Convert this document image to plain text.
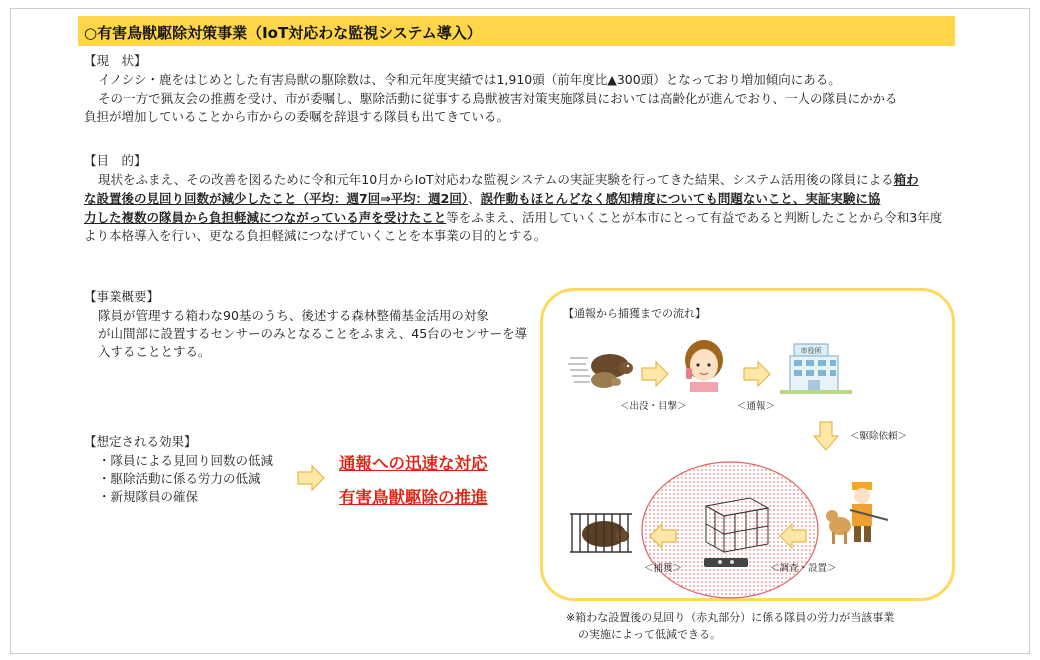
○有害鳥獣駆除対策事業（IoT対応わな監視システム導入）
【現　状】
イノシシ・鹿をはじめとした有害鳥獣の駆除数は、令和元年度実績では1,910頭（前年度比▲300頭）となっており増加傾向にある。
その一方で猟友会の推薦を受け、市が委嘱し、駆除活動に従事する鳥獣被害対策実施隊員においては高齢化が進んでおり、一人の隊員にかかる
負担が増加していることから市からの委嘱を辞退する隊員も出てきている。
【目　的】
現状をふまえ、その改善を図るために令和元年10月からIoT対応わな監視システムの実証実験を行ってきた結果、システム活用後の隊員による箱わ
な設置後の見回り回数が減少したこと（平均：週7回⇒平均：週2回）、誤作動もほとんどなく感知精度についても問題ないこと、実証実験に協
力した複数の隊員から負担軽減につながっている声を受けたこと等をふまえ、活用していくことが本市にとって有益であると判断したことから令和3年度
より本格導入を行い、更なる負担軽減につなげていくことを本事業の目的とする。
【事業概要】
隊員が管理する箱わな90基のうち、後述する森林整備基金活用の対象
が山間部に設置するセンサーのみとなることをふまえ、45台のセンサーを導
入することとする。
【想定される効果】
・隊員による見回り回数の低減
・駆除活動に係る労力の低減
・新規隊員の確保
通報への迅速な対応
有害鳥獣駆除の推進
【通報から捕獲までの流れ】
＜出没・目撃＞	＜通報＞
市役所
＜駆除依頼＞
＜調査・設置＞
＜捕獲＞
※箱わな設置後の見回り（赤丸部分）に係る隊員の労力が当該事業
の実施によって低減できる。
